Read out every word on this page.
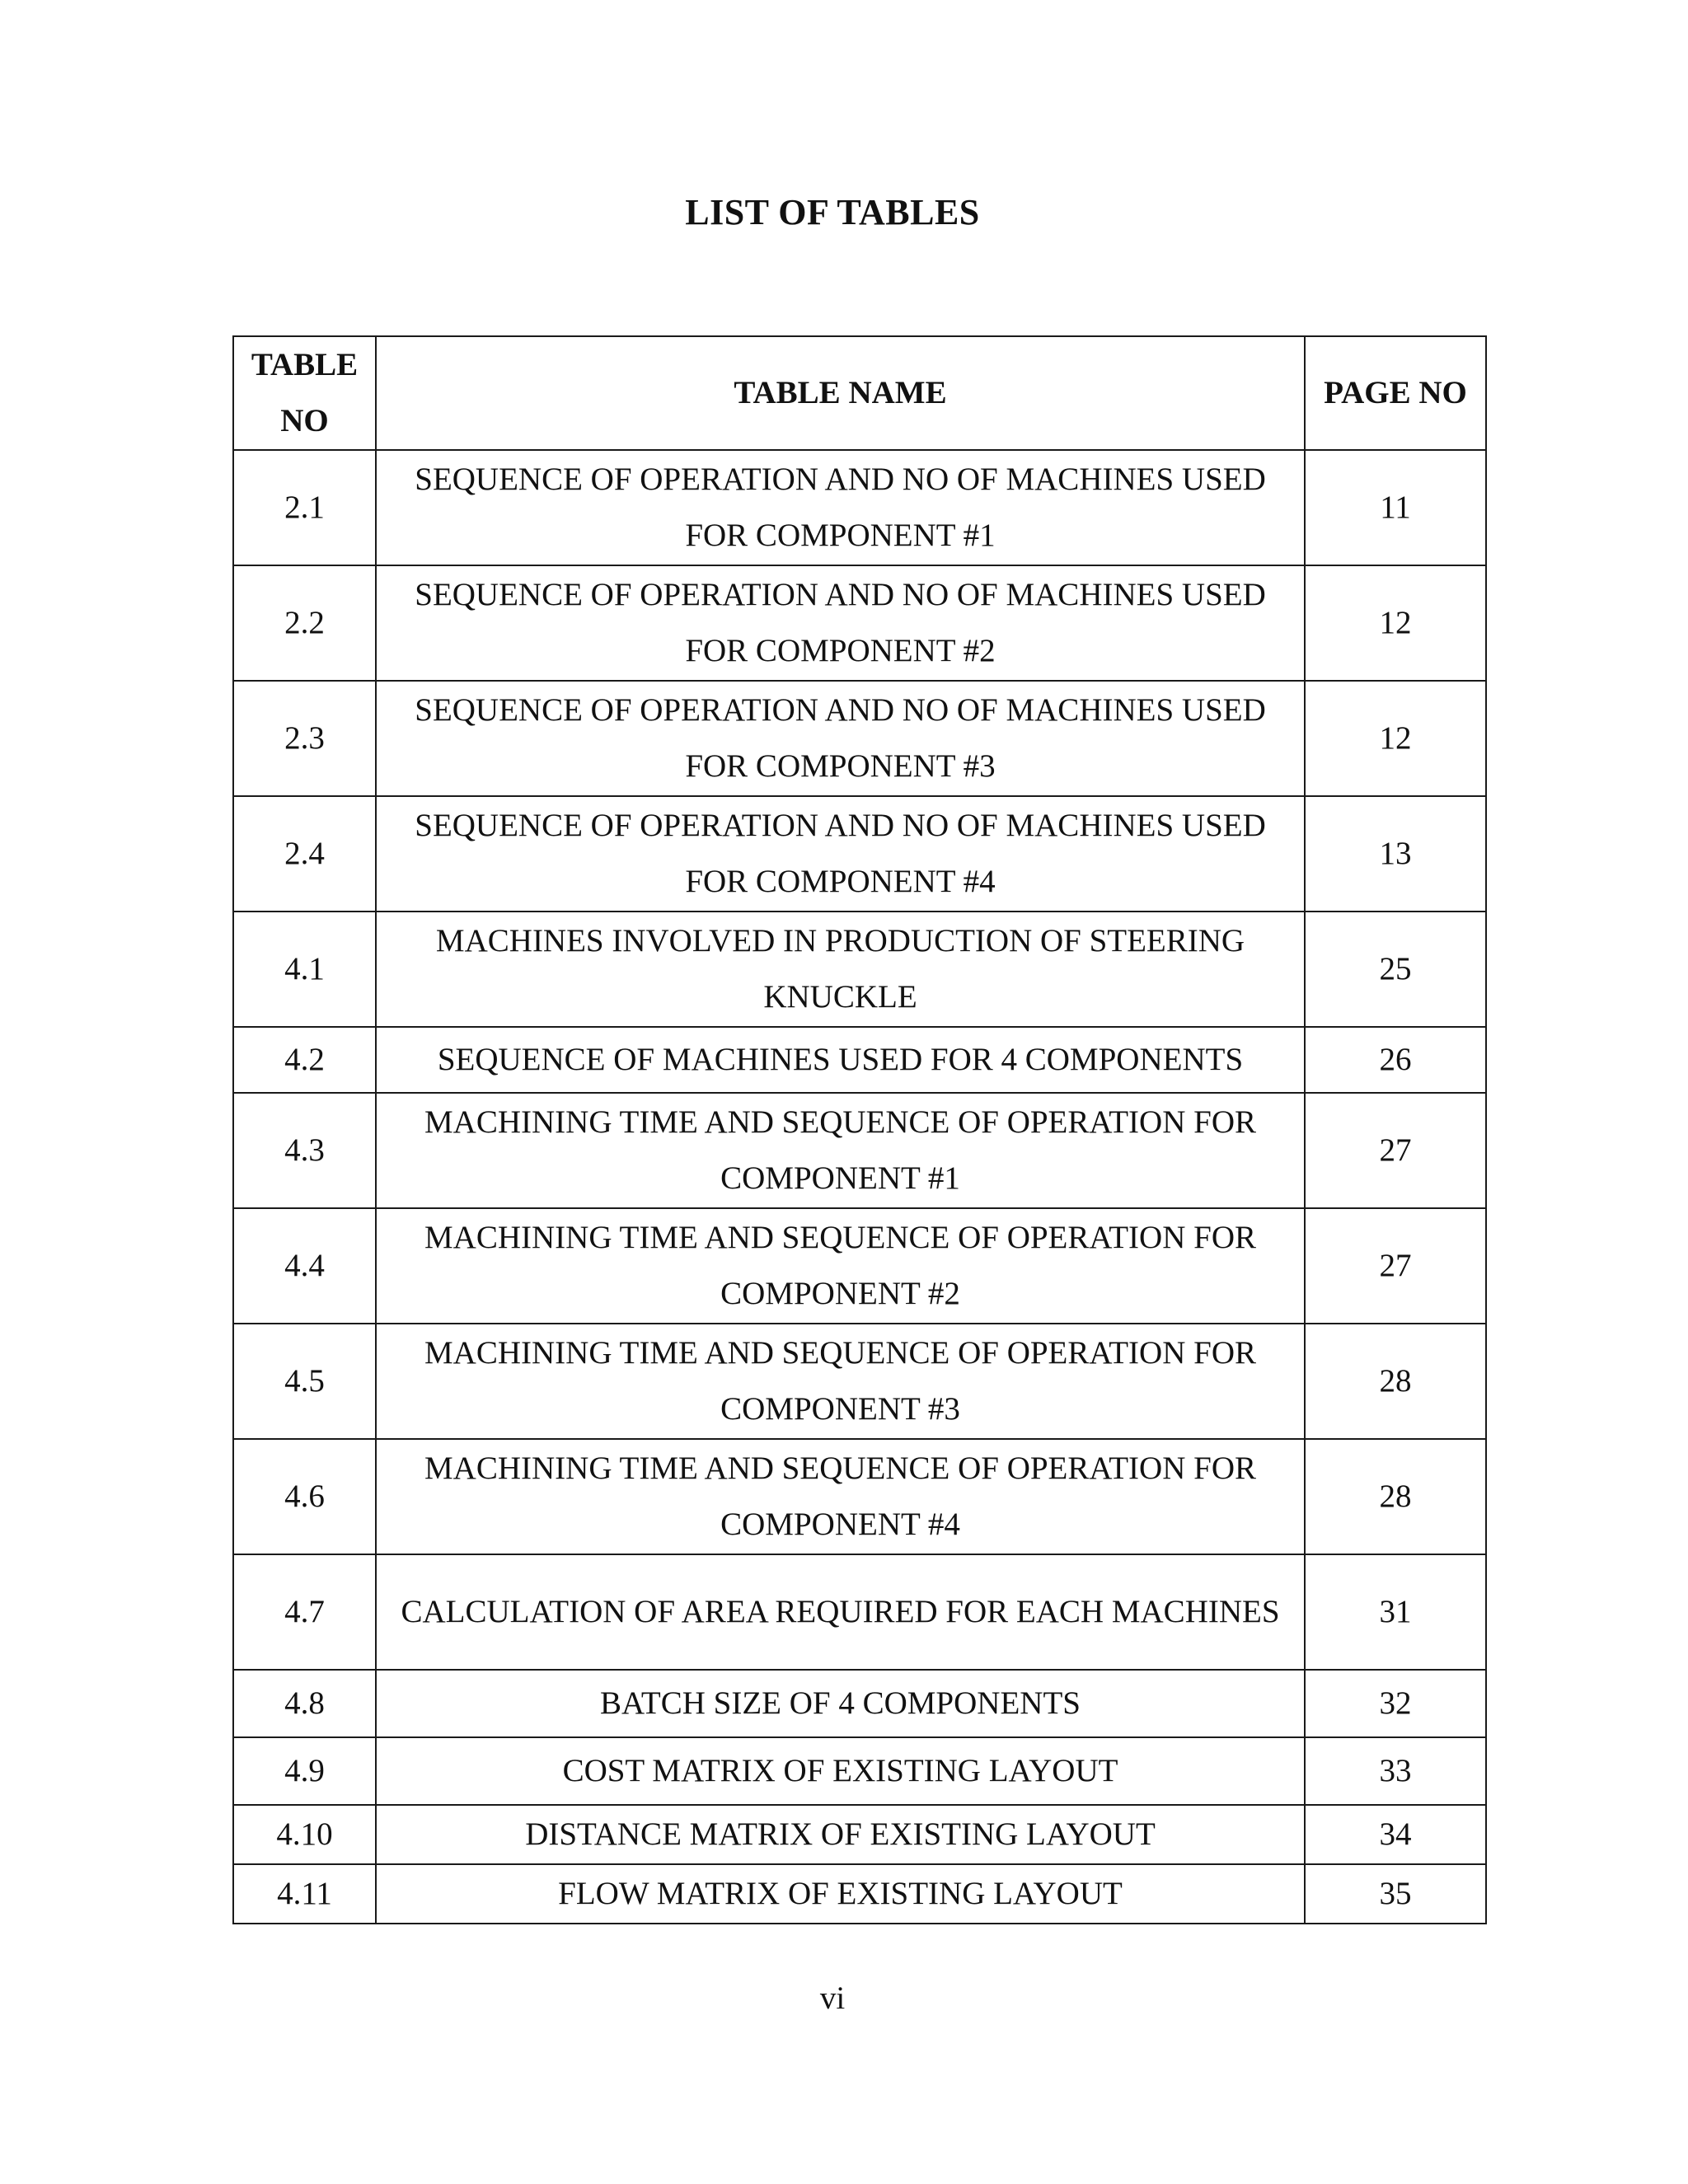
LIST OF TABLES
TABLE NO	TABLE NAME	PAGE NO
2.1	SEQUENCE OF OPERATION AND NO OF MACHINES USED FOR COMPONENT #1	11
2.2	SEQUENCE OF OPERATION AND NO OF MACHINES USED FOR COMPONENT #2	12
2.3	SEQUENCE OF OPERATION AND NO OF MACHINES USED FOR COMPONENT #3	12
2.4	SEQUENCE OF OPERATION AND NO OF MACHINES USED FOR COMPONENT #4	13
4.1	MACHINES INVOLVED IN PRODUCTION OF STEERING KNUCKLE	25
4.2	SEQUENCE OF MACHINES USED FOR 4 COMPONENTS	26
4.3	MACHINING TIME AND SEQUENCE OF OPERATION FOR COMPONENT #1	27
4.4	MACHINING TIME AND SEQUENCE OF OPERATION FOR COMPONENT #2	27
4.5	MACHINING TIME AND SEQUENCE OF OPERATION FOR COMPONENT #3	28
4.6	MACHINING TIME AND SEQUENCE OF OPERATION FOR COMPONENT #4	28
4.7	CALCULATION OF AREA REQUIRED FOR EACH MACHINES	31
4.8	BATCH SIZE OF 4 COMPONENTS	32
4.9	COST MATRIX OF EXISTING LAYOUT	33
4.10	DISTANCE MATRIX OF EXISTING LAYOUT	34
4.11	FLOW MATRIX OF EXISTING LAYOUT	35
vi
